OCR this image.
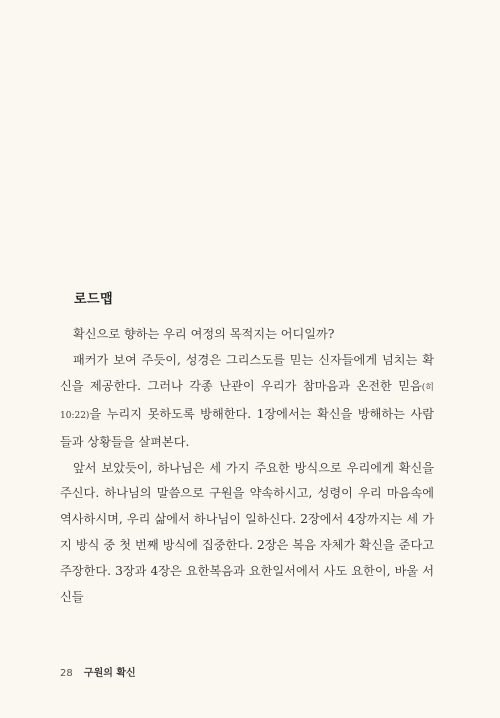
로드맵

확신으로 향하는 우리 여정의 목적지는 어디일까?

패커가 보여 주듯이, 성경은 그리스도를 믿는 신자들에게 넘치는 확신을 제공한다. 그러나 각종 난관이 우리가 참마음과 온전한 믿음(히 10:22)을 누리지 못하도록 방해한다. 1장에서는 확신을 방해하는 사람들과 상황들을 살펴본다.

앞서 보았듯이, 하나님은 세 가지 주요한 방식으로 우리에게 확신을 주신다. 하나님의 말씀으로 구원을 약속하시고, 성령이 우리 마음속에 역사하시며, 우리 삶에서 하나님이 일하신다. 2장에서 4장까지는 세 가지 방식 중 첫 번째 방식에 집중한다. 2장은 복음 자체가 확신을 준다고 주장한다. 3장과 4장은 요한복음과 요한일서에서 사도 요한이, 바울 서신들

28 구원의 확신
